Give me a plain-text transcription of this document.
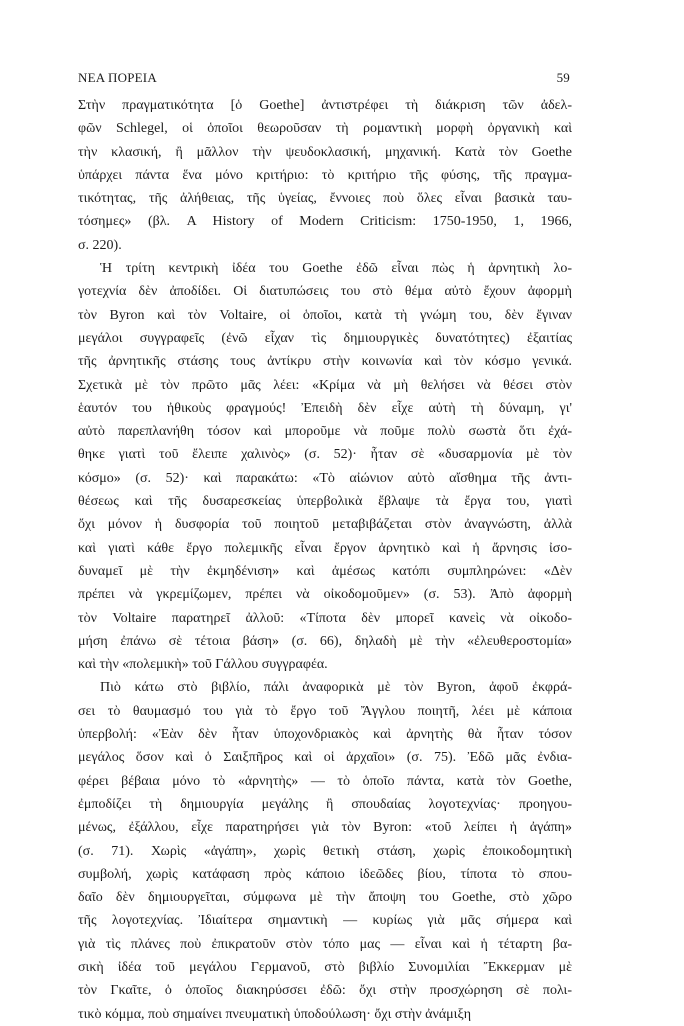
ΝΕΑ ΠΟΡΕΙΑ	59
Στὴν πραγματικότητα [ὁ Goethe] ἀντιστρέφει τὴ διάκριση τῶν ἀδελ-
φῶν Schlegel, οἱ ὁποῖοι θεωροῦσαν τὴ ρομαντικὴ μορφὴ ὀργανικὴ καὶ
τὴν κλασική, ἢ μᾶλλον τὴν ψευδοκλασική, μηχανική. Κατὰ τὸν Goethe
ὑπάρχει πάντα ἕνα μόνο κριτήριο: τὸ κριτήριο τῆς φύσης, τῆς πραγμα-
τικότητας, τῆς ἀλήθειας, τῆς ὑγείας, ἔννοιες ποὺ ὅλες εἶναι βασικὰ ταυ-
τόσημες» (βλ. A History of Modern Criticism: 1750-1950, 1, 1966,
σ. 220).
Ἡ τρίτη κεντρικὴ ἰδέα του Goethe ἐδῶ εἶναι πὼς ἡ ἀρνητικὴ λο-
γοτεχνία δὲν ἀποδίδει. Οἱ διατυπώσεις του στὸ θέμα αὐτὸ ἔχουν ἀφορμὴ
τὸν Byron καὶ τὸν Voltaire, οἱ ὁποῖοι, κατὰ τὴ γνώμη του, δὲν ἔγιναν
μεγάλοι συγγραφεῖς (ἐνῶ εἶχαν τὶς δημιουργικὲς δυνατότητες) ἐξαιτίας
τῆς ἀρνητικῆς στάσης τους ἀντίκρυ στὴν κοινωνία καὶ τὸν κόσμο γενικά.
Σχετικὰ μὲ τὸν πρῶτο μᾶς λέει: «Κρίμα νὰ μὴ θελήσει νὰ θέσει στὸν
ἑαυτόν του ἠθικοὺς φραγμούς! Ἐπειδὴ δὲν εἶχε αὐτὴ τὴ δύναμη, γι'
αὐτὸ παρεπλανήθη τόσον καὶ μποροῦμε νὰ ποῦμε πολὺ σωστὰ ὅτι ἐχά-
θηκε γιατὶ τοῦ ἔλειπε χαλινὸς» (σ. 52)· ἦταν σὲ «δυσαρμονία μὲ τὸν
κόσμο» (σ. 52)· καὶ παρακάτω: «Τὸ αἰώνιον αὐτὸ αἴσθημα τῆς ἀντι-
θέσεως καὶ τῆς δυσαρεσκείας ὑπερβολικὰ ἔβλαψε τὰ ἔργα του, γιατὶ
ὄχι μόνον ἡ δυσφορία τοῦ ποιητοῦ μεταβιβάζεται στὸν ἀναγνώστη, ἀλλὰ
καὶ γιατὶ κάθε ἔργο πολεμικῆς εἶναι ἔργον ἀρνητικὸ καὶ ἡ ἄρνησις ἰσο-
δυναμεῖ μὲ τὴν ἐκμηδένιση» καὶ ἀμέσως κατόπι συμπληρώνει: «Δὲν
πρέπει νὰ γκρεμίζωμεν, πρέπει νὰ οἰκοδομοῦμεν» (σ. 53). Ἀπὸ ἀφορμὴ
τὸν Voltaire παρατηρεῖ ἀλλοῦ: «Τίποτα δὲν μπορεῖ κανεὶς νὰ οἰκοδο-
μήση ἐπάνω σὲ τέτοια βάση» (σ. 66), δηλαδὴ μὲ τὴν «ἐλευθεροστομία»
καὶ τὴν «πολεμικὴ» τοῦ Γάλλου συγγραφέα.
Πιὸ κάτω στὸ βιβλίο, πάλι ἀναφορικὰ μὲ τὸν Byron, ἀφοῦ ἐκφρά-
σει τὸ θαυμασμό του γιὰ τὸ ἔργο τοῦ Ἄγγλου ποιητῆ, λέει μὲ κάποια
ὑπερβολή: «Ἐὰν δὲν ἦταν ὑποχονδριακὸς καὶ ἀρνητὴς θὰ ἦταν τόσον
μεγάλος ὅσον καὶ ὁ Σαιξπῆρος καὶ οἱ ἀρχαῖοι» (σ. 75). Ἐδῶ μᾶς ἐνδια-
φέρει βέβαια μόνο τὸ «ἀρνητὴς» — τὸ ὁποῖο πάντα, κατὰ τὸν Goethe,
ἐμποδίζει τὴ δημιουργία μεγάλης ἢ σπουδαίας λογοτεχνίας· προηγου-
μένως, ἐξάλλου, εἶχε παρατηρήσει γιὰ τὸν Byron: «τοῦ λείπει ἡ ἀγάπη»
(σ. 71). Χωρὶς «ἀγάπη», χωρὶς θετικὴ στάση, χωρὶς ἐποικοδομητικὴ
συμβολή, χωρὶς κατάφαση πρὸς κάποιο ἰδεῶδες βίου, τίποτα τὸ σπου-
δαῖο δὲν δημιουργεῖται, σύμφωνα μὲ τὴν ἄποψη του Goethe, στὸ χῶρο
τῆς λογοτεχνίας. Ἰδιαίτερα σημαντικὴ — κυρίως γιὰ μᾶς σήμερα καὶ
γιὰ τὶς πλάνες ποὺ ἐπικρατοῦν στὸν τόπο μας — εἶναι καὶ ἡ τέταρτη βα-
σικὴ ἰδέα τοῦ μεγάλου Γερμανοῦ, στὸ βιβλίο Συνομιλίαι Ἔκκερμαν μὲ
τὸν Γκαῖτε, ὁ ὁποῖος διακηρύσσει ἐδῶ: ὄχι στὴν προσχώρηση σὲ πολι-
τικὸ κόμμα, ποὺ σημαίνει πνευματικὴ ὑποδούλωση· ὄχι στὴν ἀνάμιξη
